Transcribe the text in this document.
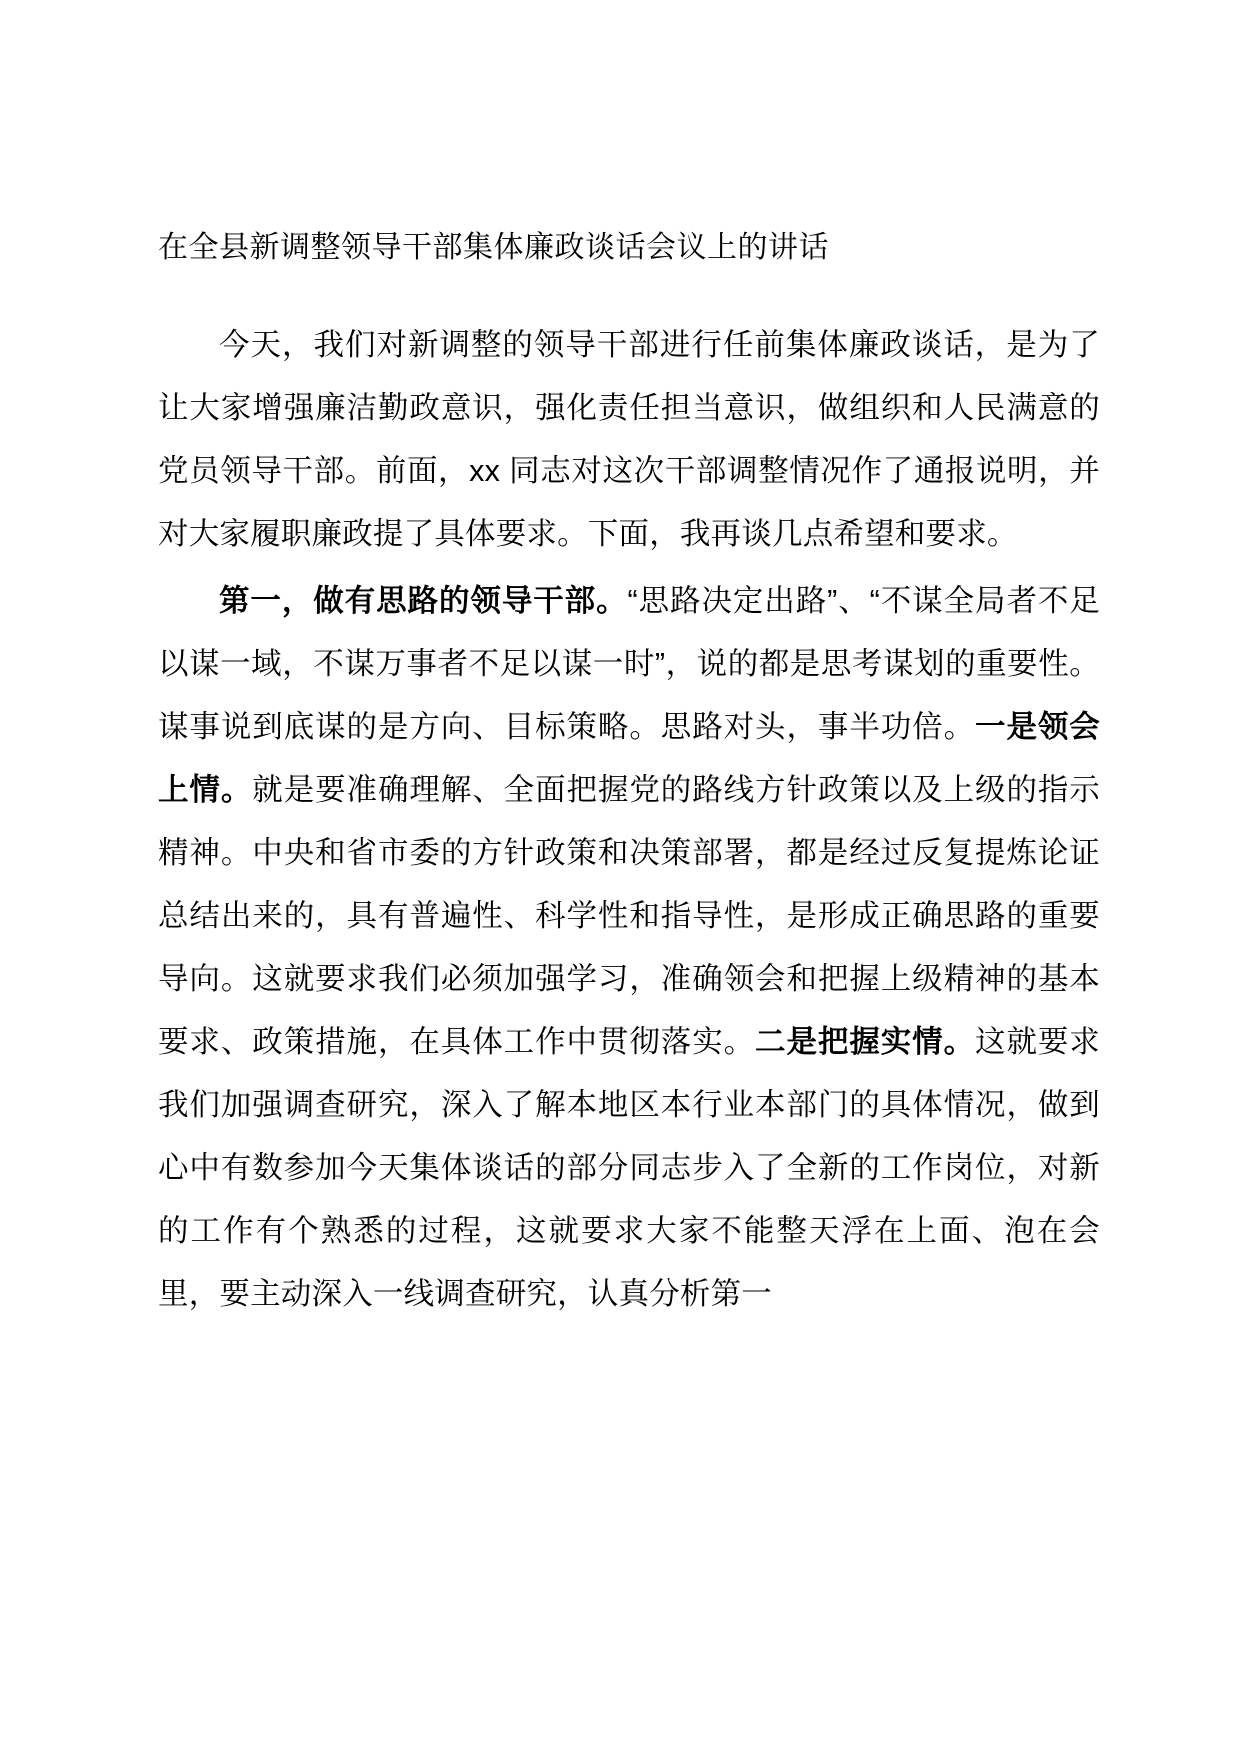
在全县新调整领导干部集体廉政谈话会议上的讲话
今天，我们对新调整的领导干部进行任前集体廉政谈话，是为了让大家增强廉洁勤政意识，强化责任担当意识，做组织和人民满意的党员领导干部。前面，xx 同志对这次干部调整情况作了通报说明，并对大家履职廉政提了具体要求。下面，我再谈几点希望和要求。
第一，做有思路的领导干部。“思路决定出路”、“不谋全局者不足以谋一域，不谋万事者不足以谋一时”，说的都是思考谋划的重要性。谋事说到底谋的是方向、目标策略。思路对头，事半功倍。一是领会上情。就是要准确理解、全面把握党的路线方针政策以及上级的指示精神。中央和省市委的方针政策和决策部署，都是经过反复提炼论证总结出来的，具有普遍性、科学性和指导性，是形成正确思路的重要导向。这就要求我们必须加强学习，准确领会和把握上级精神的基本要求、政策措施，在具体工作中贯彻落实。二是把握实情。这就要求我们加强调查研究，深入了解本地区本行业本部门的具体情况，做到心中有数参加今天集体谈话的部分同志步入了全新的工作岗位，对新的工作有个熟悉的过程，这就要求大家不能整天浮在上面、泡在会里，要主动深入一线调查研究，认真分析第一
